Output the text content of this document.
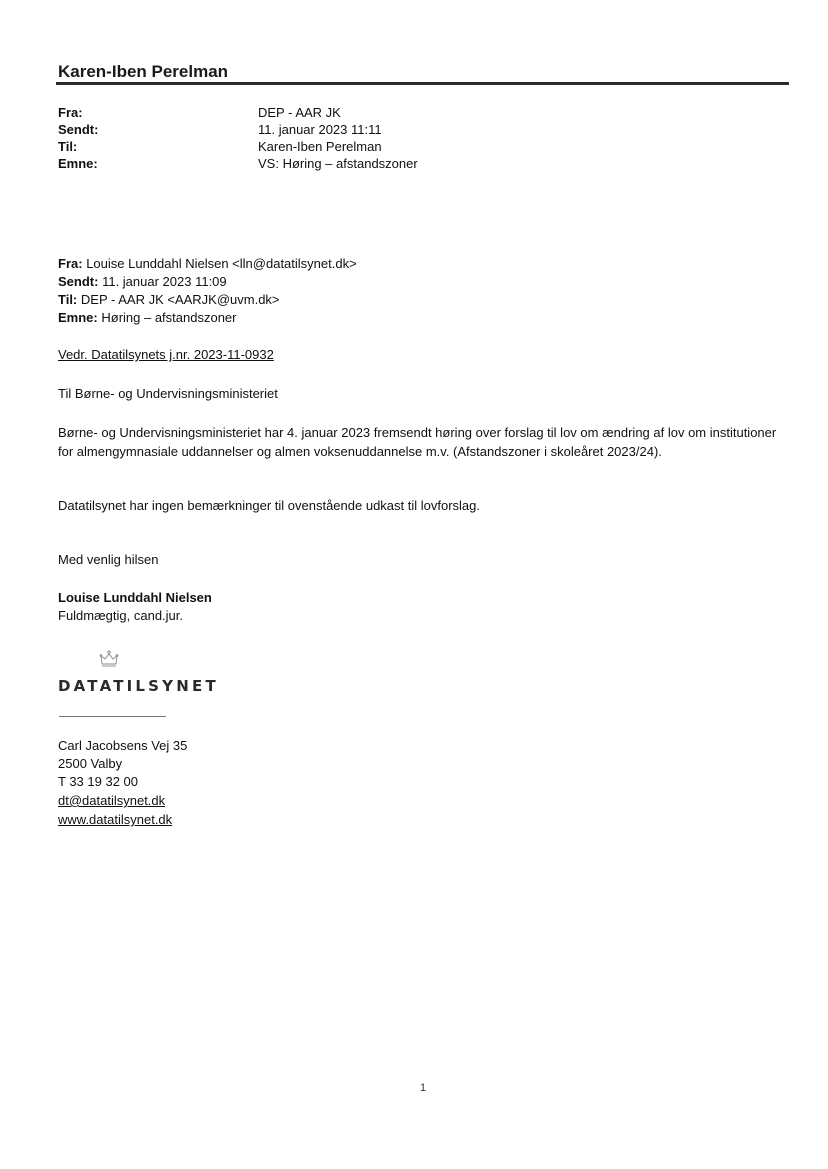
Karen-Iben Perelman
Fra:	DEP - AAR JK
Sendt:	11. januar 2023 11:11
Til:	Karen-Iben Perelman
Emne:	VS: Høring – afstandszoner
Fra: Louise Lunddahl Nielsen <lln@datatilsynet.dk>
Sendt: 11. januar 2023 11:09
Til: DEP - AAR JK <AARJK@uvm.dk>
Emne: Høring – afstandszoner
Vedr. Datatilsynets j.nr. 2023-11-0932
Til Børne- og Undervisningsministeriet
Børne- og Undervisningsministeriet har 4. januar 2023 fremsendt høring over forslag til lov om ændring af lov om institutioner for almengymnasiale uddannelser og almen voksenuddannelse m.v. (Afstandszoner i skoleåret 2023/24).
Datatilsynet har ingen bemærkninger til ovenstående udkast til lovforslag.
Med venlig hilsen
Louise Lunddahl Nielsen
Fuldmægtig, cand.jur.
DATATILSYNET
Carl Jacobsens Vej 35
2500 Valby
T 33 19 32 00
dt@datatilsynet.dk
www.datatilsynet.dk
1
